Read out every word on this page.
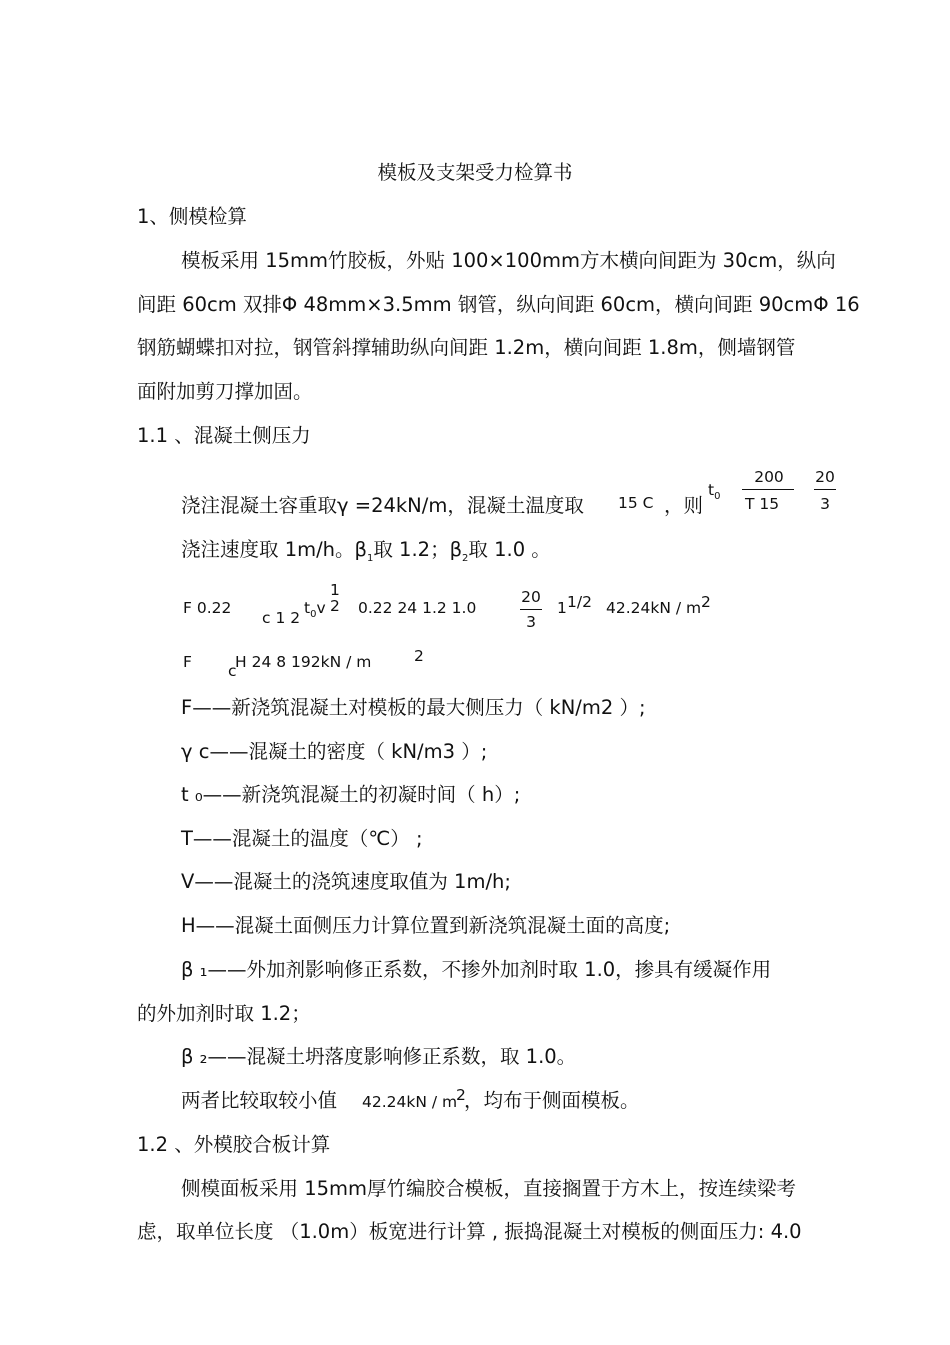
模板及支架受力检算书
1、侧模检算
模板采用 15mm竹胶板，外贴 100×100mm方木横向间距为 30cm，纵向
间距 60cm 双排Φ 48mm×3.5mm 钢管，纵向间距 60cm，横向间距 90cmΦ 16
钢筋蝴蝶扣对拉，钢管斜撑辅助纵向间距 1.2m，横向间距 1.8m，侧墙钢管
面附加剪刀撑加固。
1.1 、混凝土侧压力
浇注混凝土容重取γ =24kN/m，混凝土温度取 15 C ，则
$t_0$
200
T 15
20
3
浇注速度取 1m/h。$\beta_1$取 1.2；$\beta_2$取 1.0 。
F 0.22
c 1 2
$t_0v$
1
2 0.22 24 1.2 1.0
20
3
1 1/2 42.24kN / m 2
F c
H 24 8 192kN / m	2
F——新浇筑混凝土对模板的最大侧压力（ kN/m2 ）;
γ c——混凝土的密度（ kN/m3 ）;
t ₀——新浇筑混凝土的初凝时间（ h）;
T——混凝土的温度（℃） ;
V——混凝土的浇筑速度取值为 1m/h;
H——混凝土面侧压力计算位置到新浇筑混凝土面的高度;
β ₁——外加剂影响修正系数，不掺外加剂时取 1.0，掺具有缓凝作用
的外加剂时取 1.2；
β ₂——混凝土坍落度影响修正系数，取 1.0。
两者比较取较小值 42.24kN / m
2
，均布于侧面模板。
1.2 、外模胶合板计算
侧模面板采用 15mm厚竹编胶合模板，直接搁置于方木上，按连续梁考
虑，取单位长度 （1.0m）板宽进行计算 , 振捣混凝土对模板的侧面压力: 4.0
